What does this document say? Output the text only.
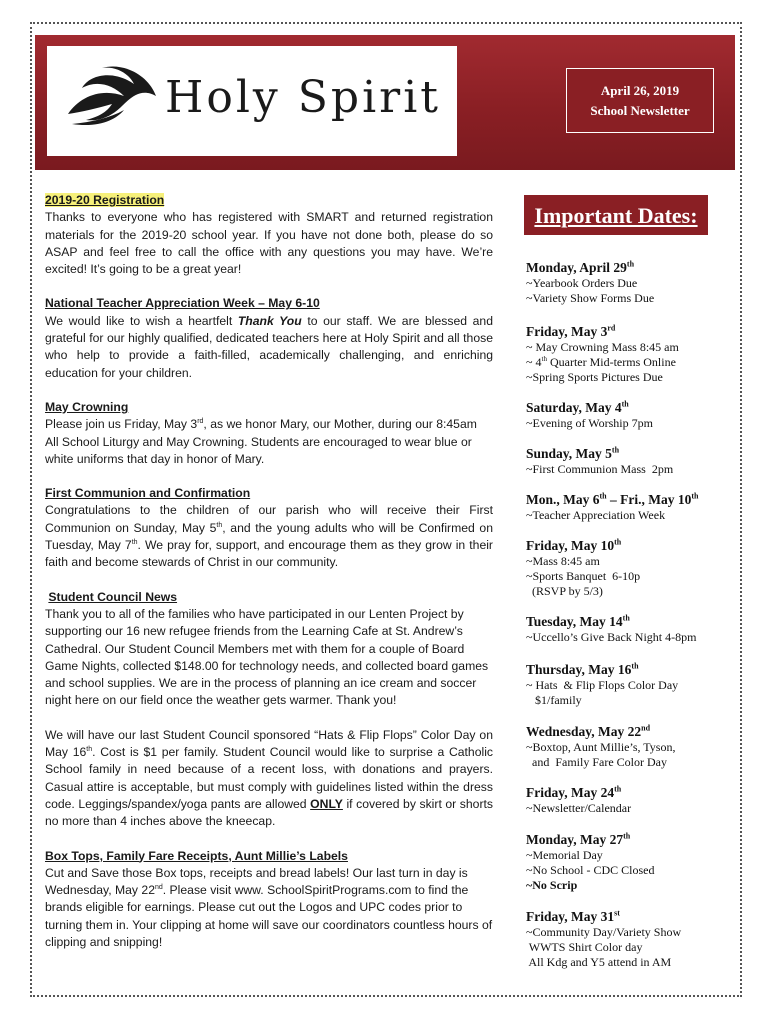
Holy Spirit	April 26, 2019
School Newsletter
2019-20 Registration
Thanks to everyone who has registered with SMART and returned registration materials for the 2019-20 school year. If you have not done both, please do so ASAP and feel free to call the office with any questions you may have. We’re excited! It’s going to be a great year!
National Teacher Appreciation Week – May 6-10
We would like to wish a heartfelt Thank You to our staff. We are blessed and grateful for our highly qualified, dedicated teachers here at Holy Spirit and all those who help to provide a faith-filled, academically challenging, and enriching education for your children.
May Crowning
Please join us Friday, May 3rd, as we honor Mary, our Mother, during our 8:45am All School Liturgy and May Crowning. Students are encouraged to wear blue or white uniforms that day in honor of Mary.
First Communion and Confirmation
Congratulations to the children of our parish who will receive their First Communion on Sunday, May 5th, and the young adults who will be Confirmed on Tuesday, May 7th. We pray for, support, and encourage them as they grow in their faith and become stewards of Christ in our community.
Student Council News
Thank you to all of the families who have participated in our Lenten Project by supporting our 16 new refugee friends from the Learning Cafe at St. Andrew’s Cathedral. Our Student Council Members met with them for a couple of Board Game Nights, collected $148.00 for technology needs, and collected board games and school supplies. We are in the process of planning an ice cream and soccer night here on our field once the weather gets warmer. Thank you!
We will have our last Student Council sponsored “Hats & Flip Flops” Color Day on May 16th. Cost is $1 per family. Student Council would like to surprise a Catholic School family in need because of a recent loss, with donations and prayers. Casual attire is acceptable, but must comply with guidelines listed within the dress code. Leggings/spandex/yoga pants are allowed ONLY if covered by skirt or shorts no more than 4 inches above the kneecap.
Box Tops, Family Fare Receipts, Aunt Millie’s Labels
Cut and Save those Box tops, receipts and bread labels! Our last turn in day is Wednesday, May 22nd. Please visit www. SchoolSpiritPrograms.com to find the brands eligible for earnings. Please cut out the Logos and UPC codes prior to turning them in. Your clipping at home will save our coordinators countless hours of clipping and snipping!
Important Dates:
Monday, April 29th
~Yearbook Orders Due
~Variety Show Forms Due
Friday, May 3rd
~ May Crowning Mass 8:45 am
~ 4th Quarter Mid-terms Online
~Spring Sports Pictures Due
Saturday, May 4th
~Evening of Worship 7pm
Sunday, May 5th
~First Communion Mass  2pm
Mon., May 6th – Fri., May 10th
~Teacher Appreciation Week
Friday, May 10th
~Mass 8:45 am
~Sports Banquet  6-10p
(RSVP by 5/3)
Tuesday, May 14th
~Uccello’s Give Back Night 4-8pm
Thursday, May 16th
~ Hats  & Flip Flops Color Day
$1/family
Wednesday, May 22nd
~Boxtop, Aunt Millie’s, Tyson,
and  Family Fare Color Day
Friday, May 24th
~Newsletter/Calendar
Monday, May 27th
~Memorial Day
~No School - CDC Closed
~No Scrip
Friday, May 31st
~Community Day/Variety Show
WWTS Shirt Color day
All Kdg and Y5 attend in AM
